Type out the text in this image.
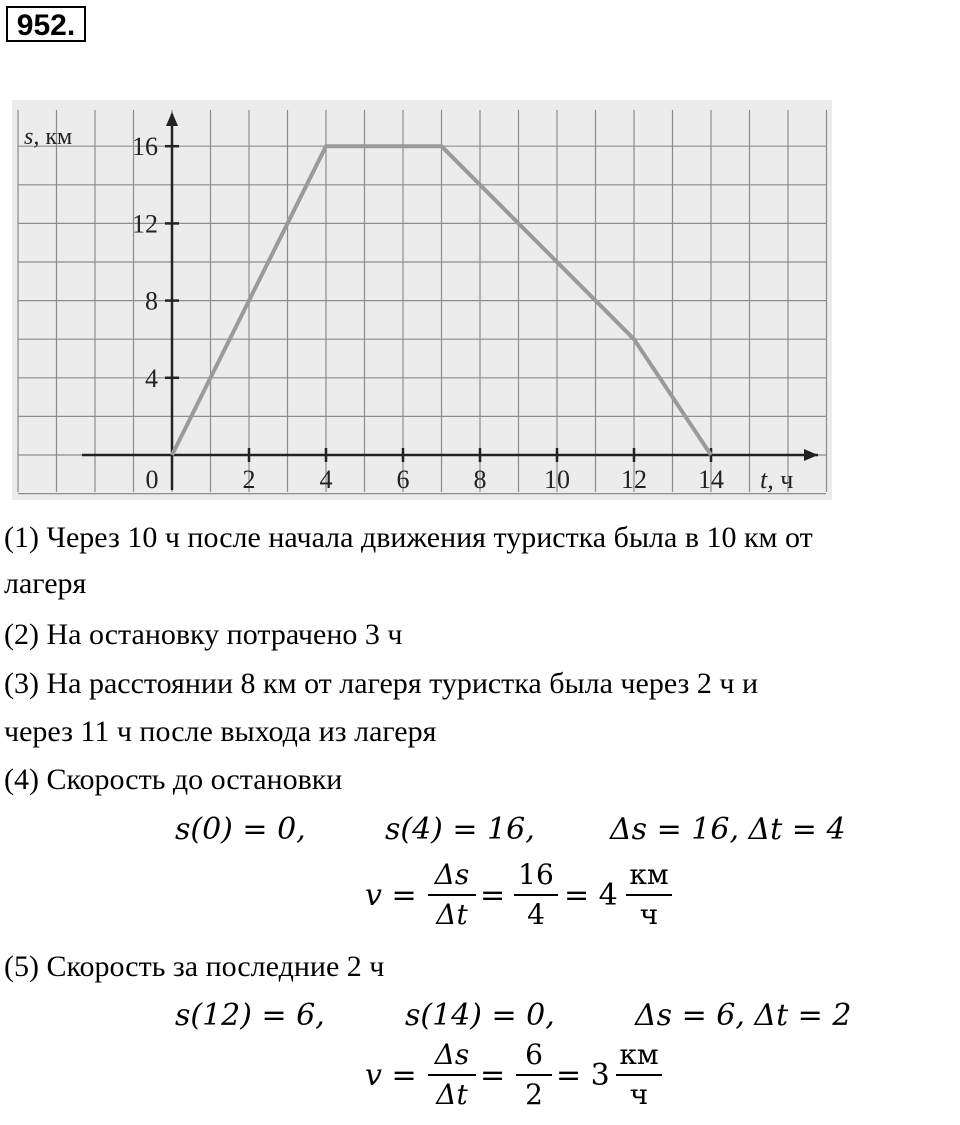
952.
0	2 4 6 8 10 12 14
4
8
12
16
s, км
t, ч
(1) Через 10 ч после начала движения туристка была в 10 км от
лагеря
(2) На остановку потрачено 3 ч
(3) На расстоянии 8 км от лагеря туристка была через 2 ч и
через 11 ч после выхода из лагеря
(4) Скорость до остановки
s(0) = 0,	s(4) = 16,	Δs = 16, Δt = 4
v =
Δs
Δt
=
16
4
= 4
км
ч
(5) Скорость за последние 2 ч
s(12) = 6,	s(14) = 0,	Δs = 6, Δt = 2
v =
Δs
Δt
=
6
2
= 3
км
ч
